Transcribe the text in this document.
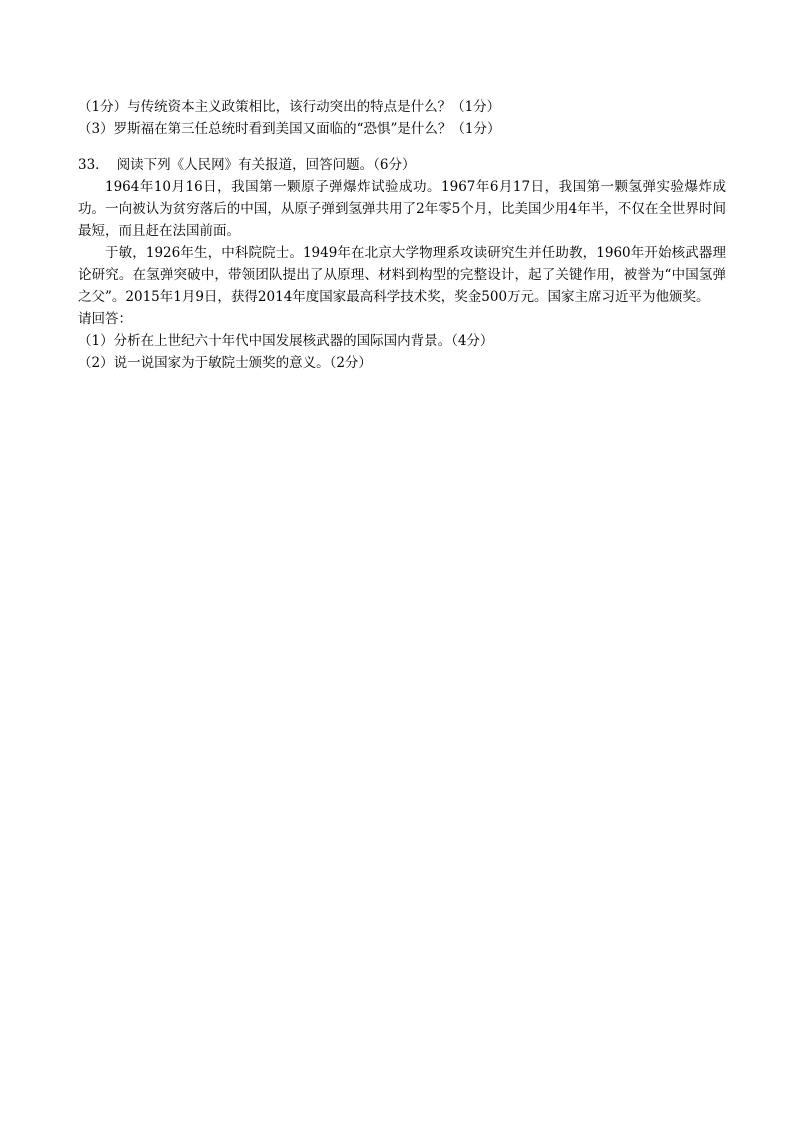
（1分）与传统资本主义政策相比，该行动突出的特点是什么？（1分）

（3）罗斯福在第三任总统时看到美国又面临的“恐惧”是什么？（1分）

33． 阅读下列《人民网》有关报道，回答问题。（6分）

1964年10月16日，我国第一颗原子弹爆炸试验成功。1967年6月17日，我国第一颗氢弹实验爆炸成功。一向被认为贫穷落后的中国，从原子弹到氢弹共用了2年零5个月，比美国少用4年半，不仅在全世界时间最短，而且赶在法国前面。

于敏，1926年生，中科院院士。1949年在北京大学物理系攻读研究生并任助教，1960年开始核武器理论研究。在氢弹突破中，带领团队提出了从原理、材料到构型的完整设计，起了关键作用，被誉为“中国氢弹之父”。2015年1月9日，获得2014年度国家最高科学技术奖，奖金500万元。国家主席习近平为他颁奖。

请回答：

（1）分析在上世纪六十年代中国发展核武器的国际国内背景。（4分）

（2）说一说国家为于敏院士颁奖的意义。（2分）
